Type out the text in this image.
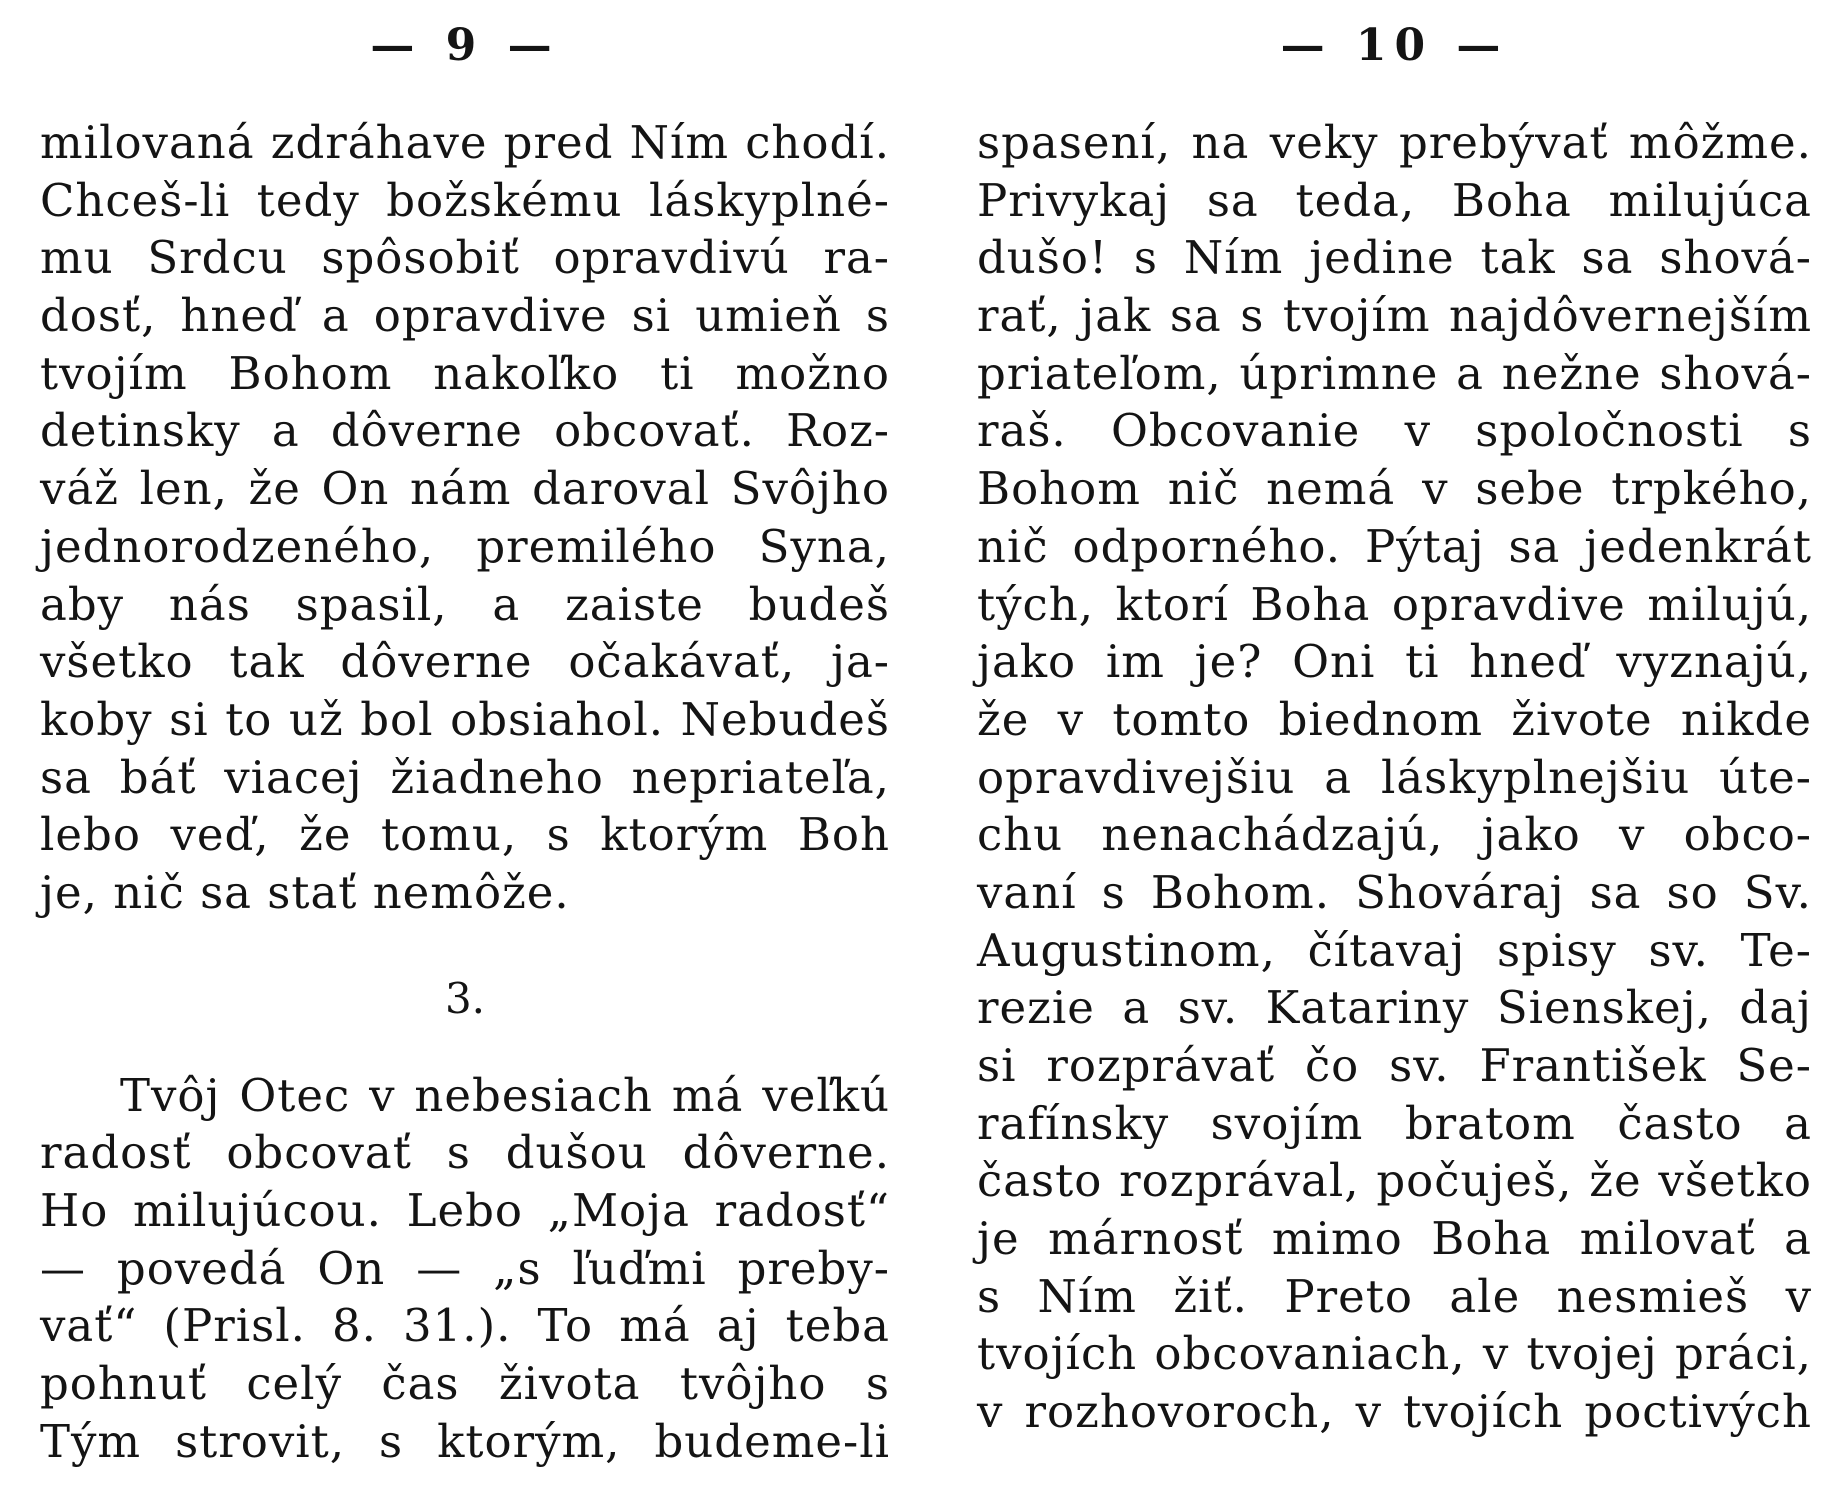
— 9 —
milovaná zdráhave pred Ním chodí.
Chceš-li tedy božskému láskyplné-
mu Srdcu spôsobiť opravdivú ra-
dosť, hneď a opravdive si umieň s
tvojím Bohom nakoľko ti možno
detinsky a dôverne obcovať. Roz-
váž len, že On nám daroval Svôjho
jednorodzeného, premilého Syna,
aby nás spasil, a zaiste budeš
všetko tak dôverne očakávať, ja-
koby si to už bol obsiahol. Nebudeš
sa báť viacej žiadneho nepriateľa,
lebo veď, že tomu, s ktorým Boh
je, nič sa stať nemôže.
3.
Tvôj Otec v nebesiach má veľkú
radosť obcovať s dušou dôverne.
Ho milujúcou. Lebo „Moja radosť“
— povedá On — „s ľuďmi preby-
vať“ (Prisl. 8. 31.). To má aj teba
pohnuť celý čas života tvôjho s
Tým strovit, s ktorým, budeme-li
— 10 —
spasení, na veky prebývať môžme.
Privykaj sa teda, Boha milujúca
dušo! s Ním jedine tak sa shová-
rať, jak sa s tvojím najdôvernejším
priateľom, úprimne a nežne shová-
raš. Obcovanie v spoločnosti s
Bohom nič nemá v sebe trpkého,
nič odporného. Pýtaj sa jedenkrát
tých, ktorí Boha opravdive milujú,
jako im je? Oni ti hneď vyznajú,
že v tomto biednom živote nikde
opravdivejšiu a láskyplnejšiu úte-
chu nenachádzajú, jako v obco-
vaní s Bohom. Shováraj sa so Sv.
Augustinom, čítavaj spisy sv. Te-
rezie a sv. Katariny Sienskej, daj
si rozprávať čo sv. František Se-
rafínsky svojím bratom často a
často rozprával, počuješ, že všetko
je márnosť mimo Boha milovať a
s Ním žiť. Preto ale nesmieš v
tvojích obcovaniach, v tvojej práci,
v rozhovoroch, v tvojích poctivých
